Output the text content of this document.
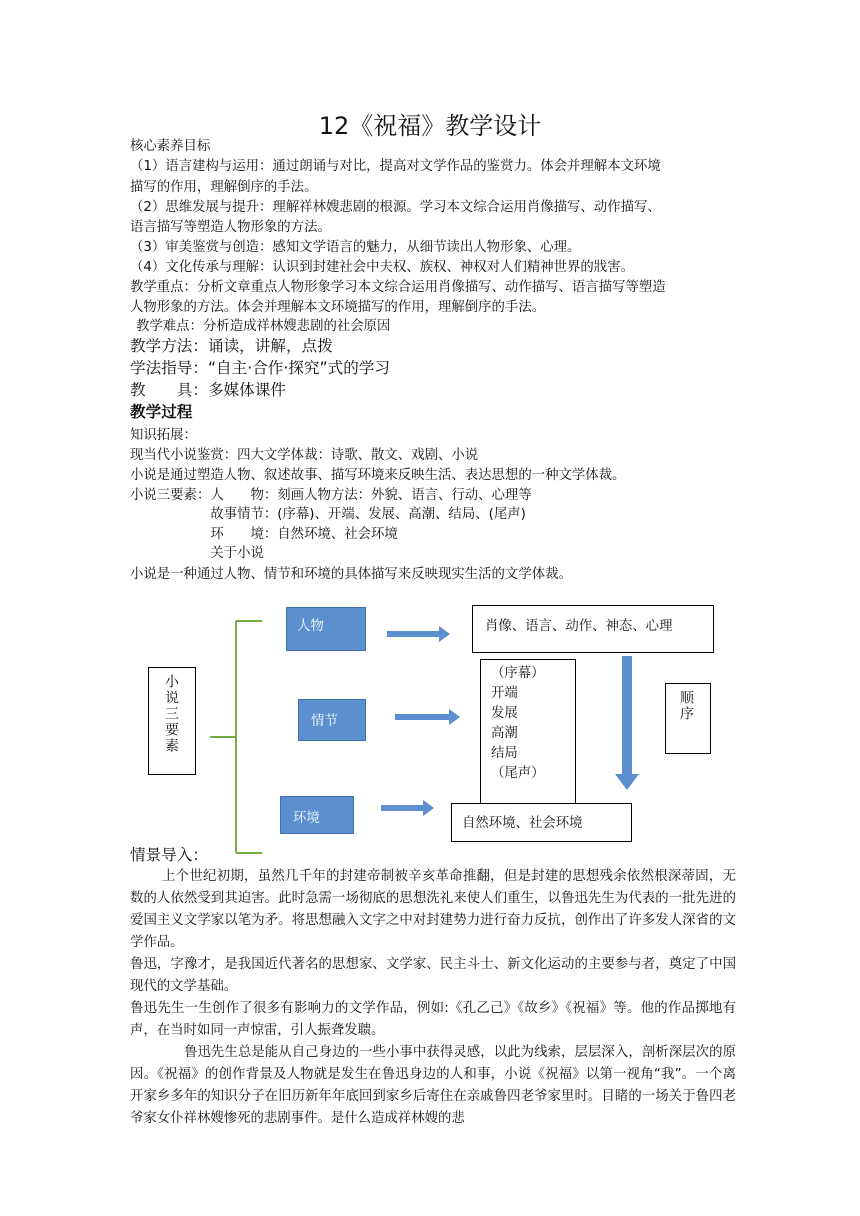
12《祝福》教学设计
核心素养目标
（1）语言建构与运用：通过朗诵与对比，提高对文学作品的鉴赏力。体会并理解本文环境
描写的作用，理解倒序的手法。
（2）思维发展与提升：理解祥林嫂悲剧的根源。学习本文综合运用肖像描写、动作描写、
语言描写等塑造人物形象的方法。
（3）审美鉴赏与创造：感知文学语言的魅力，从细节读出人物形象、心理。
（4）文化传承与理解：认识到封建社会中夫权、族权、神权对人们精神世界的戕害。
教学重点：分析文章重点人物形象学习本文综合运用肖像描写、动作描写、语言描写等塑造
人物形象的方法。体会并理解本文环境描写的作用，理解倒序的手法。
教学难点：分析造成祥林嫂悲剧的社会原因
教学方法：诵读，讲解，点拨
学法指导：“自主·合作·探究”式的学习
教　　具：多媒体课件
教学过程
知识拓展：
现当代小说鉴赏：四大文学体裁：诗歌、散文、戏剧、小说
小说是通过塑造人物、叙述故事、描写环境来反映生活、表达思想的一种文学体裁。
小说三要素：人　　物：刻画人物方法：外貌、语言、行动、心理等
　　　　　　故事情节：(序幕)、开端、发展、高潮、结局、(尾声)
　　　　　　环　　境：自然环境、社会环境
　　　　　　关于小说
小说是一种通过人物、情节和环境的具体描写来反映现实生活的文学体裁。
小说三要素
人物
情节
环境
肖像、语言、动作、神态、心理
（序幕）
开端
发展
高潮
结局
（尾声）
顺序
自然环境、社会环境
情景导入：
上个世纪初期，虽然几千年的封建帝制被辛亥革命推翻，但是封建的思想残余依然根深蒂固，无数的人依然受到其迫害。此时急需一场彻底的思想洗礼来使人们重生，以鲁迅先生为代表的一批先进的爱国主义文学家以笔为矛。将思想融入文字之中对封建势力进行奋力反抗，创作出了许多发人深省的文学作品。
鲁迅，字豫才，是我国近代著名的思想家、文学家、民主斗士、新文化运动的主要参与者，奠定了中国现代的文学基础。
鲁迅先生一生创作了很多有影响力的文学作品，例如:《孔乙己》《故乡》《祝福》等。他的作品掷地有声，在当时如同一声惊雷，引人振聋发聩。
鲁迅先生总是能从自己身边的一些小事中获得灵感，以此为线索，层层深入，剖析深层次的原因。《祝福》的创作背景及人物就是发生在鲁迅身边的人和事，小说《祝福》以第一视角“我”。一个离开家乡多年的知识分子在旧历新年年底回到家乡后寄住在亲戚鲁四老爷家里时。目睹的一场关于鲁四老爷家女仆祥林嫂惨死的悲剧事件。是什么造成祥林嫂的悲
